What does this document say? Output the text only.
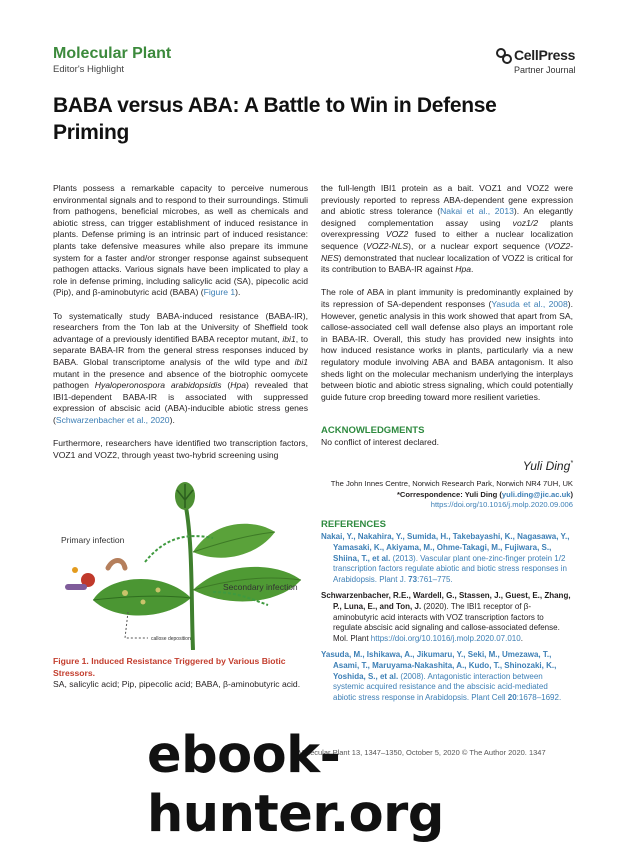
Molecular Plant
Editor's Highlight
CellPress
Partner Journal
BABA versus ABA: A Battle to Win in Defense Priming

Plants possess a remarkable capacity to perceive numerous environmental signals and to respond to their surroundings. Stimuli from pathogens, beneficial microbes, as well as chemicals and abiotic stress, can trigger establishment of induced resistance in plants. Defense priming is an intrinsic part of induced resistance: plants take defensive measures while also prepare its immune system for a faster and/or stronger response against subsequent pathogen attacks. Various signals have been implicated to play a role in defense priming, including salicylic acid (SA), pipecolic acid (Pip), and β-aminobutyric acid (BABA) (Figure 1).

To systematically study BABA-induced resistance (BABA-IR), researchers from the Ton lab at the University of Sheffield took advantage of a previously identified BABA receptor mutant, ibi1, to separate BABA-IR from the general stress responses induced by BABA. Global transcriptome analysis of the wild type and ibi1 mutant in the presence and absence of the biotrophic oomycete pathogen Hyaloperonospora arabidopsidis (Hpa) revealed that IBI1-dependent BABA-IR is associated with suppressed expression of abscisic acid (ABA)-inducible abiotic stress genes (Schwarzenbacher et al., 2020).

Furthermore, researchers have identified two transcription factors, VOZ1 and VOZ2, through yeast two-hybrid screening using

Primary infection
Secondary infection
callose deposition
Figure 1. Induced Resistance Triggered by Various Biotic Stressors.
SA, salicylic acid; Pip, pipecolic acid; BABA, β-aminobutyric acid.

the full-length IBI1 protein as a bait. VOZ1 and VOZ2 were previously reported to repress ABA-dependent gene expression and abiotic stress tolerance (Nakai et al., 2013). An elegantly designed complementation assay using voz1/2 plants overexpressing VOZ2 fused to either a nuclear localization sequence (VOZ2-NLS), or a nuclear export sequence (VOZ2-NES) demonstrated that nuclear localization of VOZ2 is critical for its contribution to BABA-IR against Hpa.

The role of ABA in plant immunity is predominantly explained by its repression of SA-dependent responses (Yasuda et al., 2008). However, genetic analysis in this work showed that apart from SA, callose-associated cell wall defense also plays an important role in BABA-IR. Overall, this study has provided new insights into how induced resistance works in plants, particularly via a new regulatory module involving ABA and BABA antagonism. It also sheds light on the molecular mechanism underlying the interplays between biotic and abiotic stress signaling, which could potentially guide future crop breeding toward more resilient varieties.

ACKNOWLEDGMENTS
No conflict of interest declared.
Yuli Ding*
The John Innes Centre, Norwich Research Park, Norwich NR4 7UH, UK
*Correspondence: Yuli Ding (yuli.ding@jic.ac.uk)
https://doi.org/10.1016/j.molp.2020.09.006
REFERENCES
Nakai, Y., Nakahira, Y., Sumida, H., Takebayashi, K., Nagasawa, Y., Yamasaki, K., Akiyama, M., Ohme-Takagi, M., Fujiwara, S., Shiina, T., et al. (2013). Vascular plant one-zinc-finger protein 1/2 transcription factors regulate abiotic and biotic stress responses in Arabidopsis. Plant J. 73:761–775.
Schwarzenbacher, R.E., Wardell, G., Stassen, J., Guest, E., Zhang, P., Luna, E., and Ton, J. (2020). The IBI1 receptor of β-aminobutyric acid interacts with VOZ transcription factors to regulate abscisic acid signaling and callose-associated defense. Mol. Plant https://doi.org/10.1016/j.molp.2020.07.010.
Yasuda, M., Ishikawa, A., Jikumaru, Y., Seki, M., Umezawa, T., Asami, T., Maruyama-Nakashita, A., Kudo, T., Shinozaki, K., Yoshida, S., et al. (2008). Antagonistic interaction between systemic acquired resistance and the abscisic acid-mediated abiotic stress response in Arabidopsis. Plant Cell 20:1678–1692.
Molecular Plant 13, 1347–1350, October 5, 2020 © The Author 2020. 1347
ebook-hunter.org
